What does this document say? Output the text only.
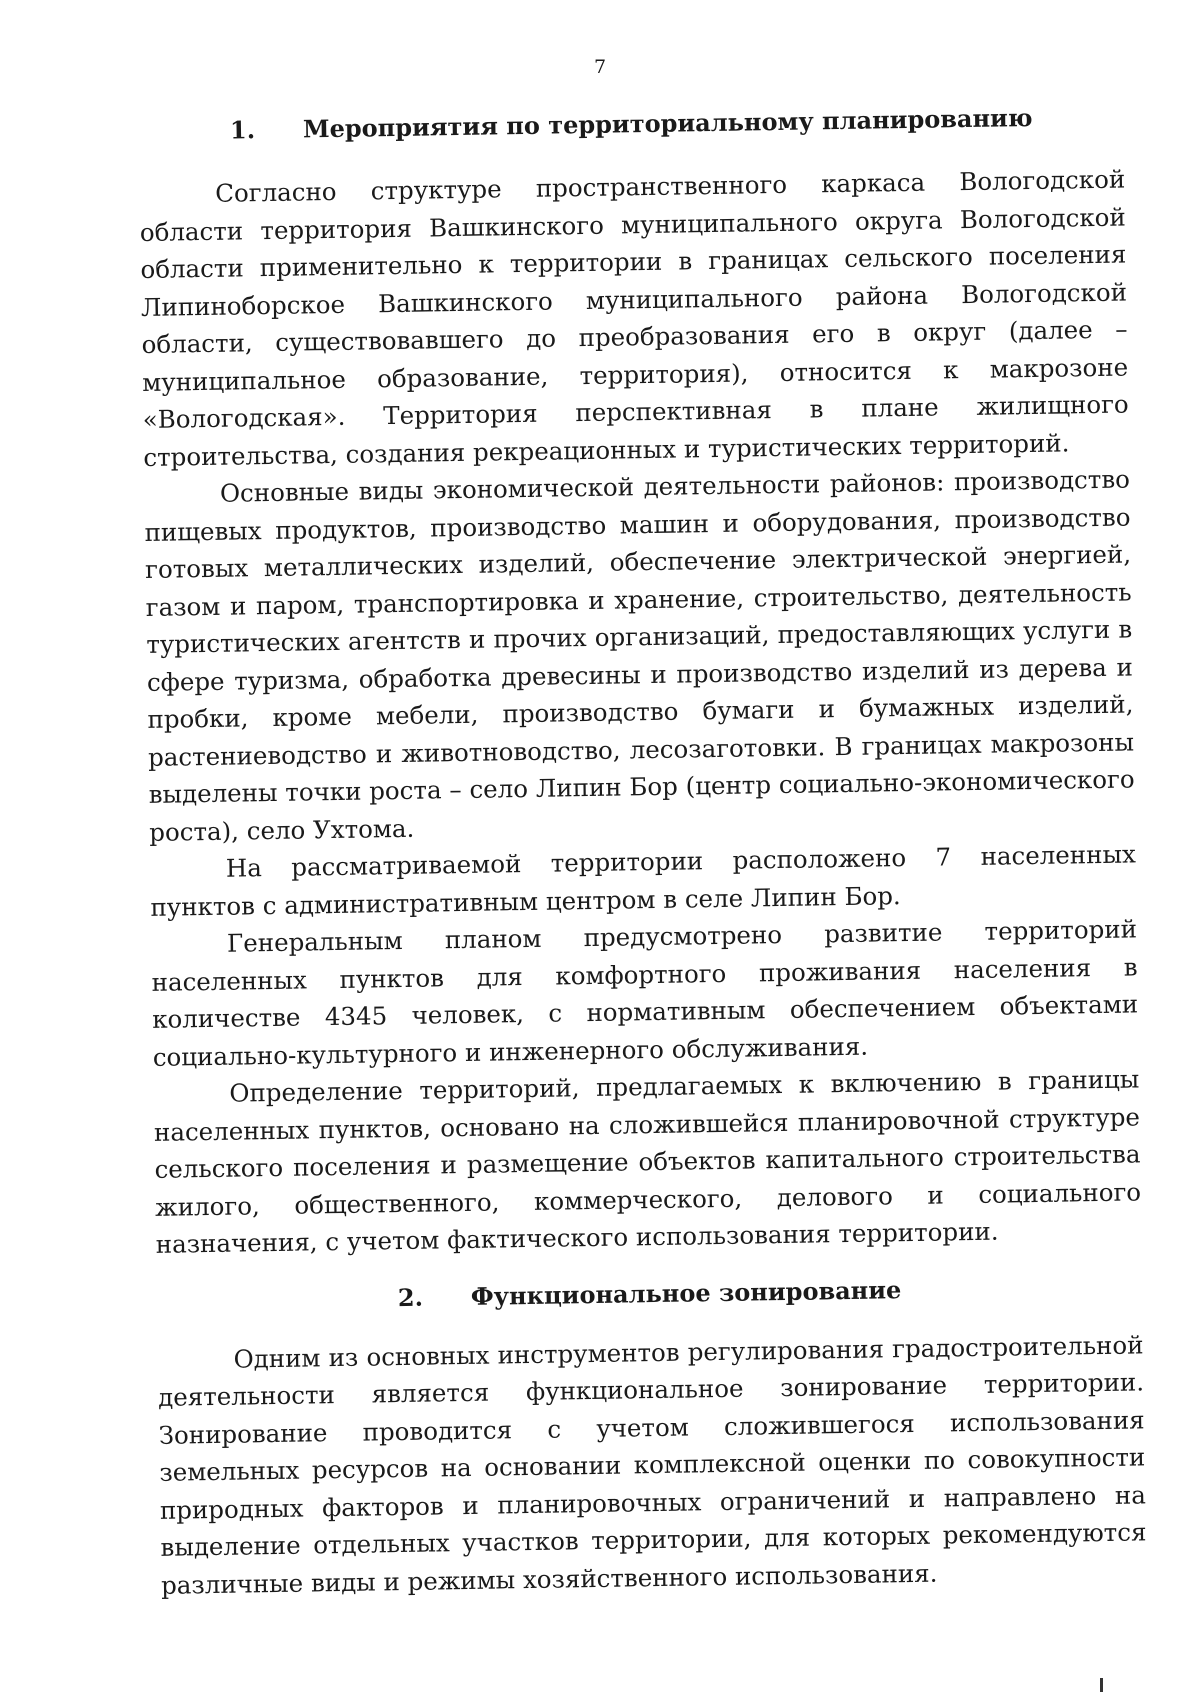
7
1. Мероприятия по территориальному планированию

Согласно структуре пространственного каркаса Вологодской области территория Вашкинского муниципального округа Вологодской области применительно к территории в границах сельского поселения Липиноборское Вашкинского муниципального района Вологодской области, существовавшего до преобразования его в округ (далее – муниципальное образование, территория), относится к макрозоне «Вологодская». Территория перспективная в плане жилищного строительства, создания рекреационных и туристических территорий.

Основные виды экономической деятельности районов: производство пищевых продуктов, производство машин и оборудования, производство готовых металлических изделий, обеспечение электрической энергией, газом и паром, транспортировка и хранение, строительство, деятельность туристических агентств и прочих организаций, предоставляющих услуги в сфере туризма, обработка древесины и производство изделий из дерева и пробки, кроме мебели, производство бумаги и бумажных изделий, растениеводство и животноводство, лесозаготовки. В границах макрозоны выделены точки роста – село Липин Бор (центр социально-экономического роста), село Ухтома.

На рассматриваемой территории расположено 7 населенных пунктов с административным центром в селе Липин Бор.

Генеральным планом предусмотрено развитие территорий населенных пунктов для комфортного проживания населения в количестве 4345 человек, с нормативным обеспечением объектами социально-культурного и инженерного обслуживания.

Определение территорий, предлагаемых к включению в границы населенных пунктов, основано на сложившейся планировочной структуре сельского поселения и размещение объектов капитального строительства жилого, общественного, коммерческого, делового и социального назначения, с учетом фактического использования территории.

2. Функциональное зонирование

Одним из основных инструментов регулирования градостроительной деятельности является функциональное зонирование территории. Зонирование проводится с учетом сложившегося использования земельных ресурсов на основании комплексной оценки по совокупности природных факторов и планировочных ограничений и направлено на выделение отдельных участков территории, для которых рекомендуются различные виды и режимы хозяйственного использования.
